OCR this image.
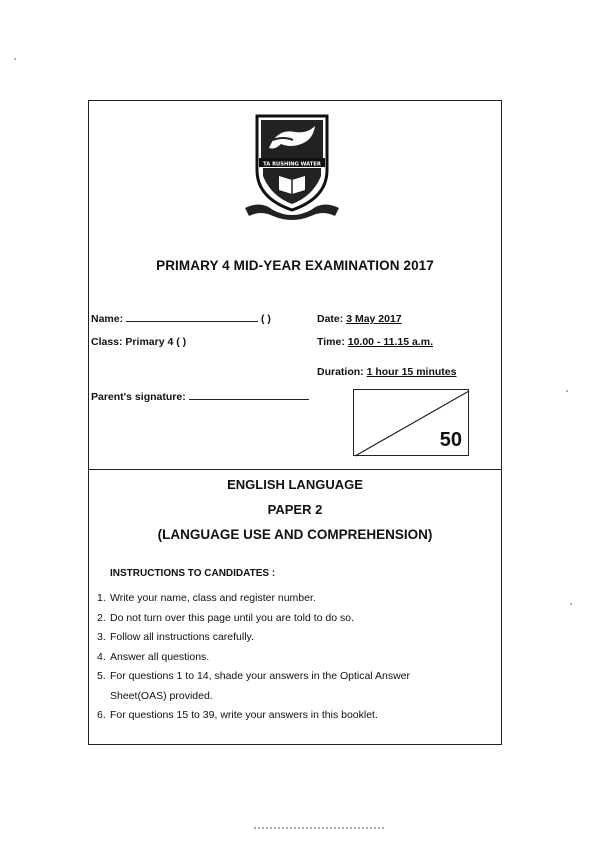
TA RUSHING WATER
PRIMARY 4 MID-YEAR EXAMINATION 2017
Name:	( )
Class: Primary 4 ( )
Date: 3 May 2017
Time: 10.00 - 11.15 a.m.
Duration: 1 hour 15 minutes
Parent's signature:
50
ENGLISH LANGUAGE
PAPER 2
(LANGUAGE USE AND COMPREHENSION)
INSTRUCTIONS TO CANDIDATES :
1. Write your name, class and register number.
2. Do not turn over this page until you are told to do so.
3. Follow all instructions carefully.
4. Answer all questions.
5. For questions 1 to 14, shade your answers in the Optical Answer
Sheet(OAS) provided.
6. For questions 15 to 39, write your answers in this booklet.
